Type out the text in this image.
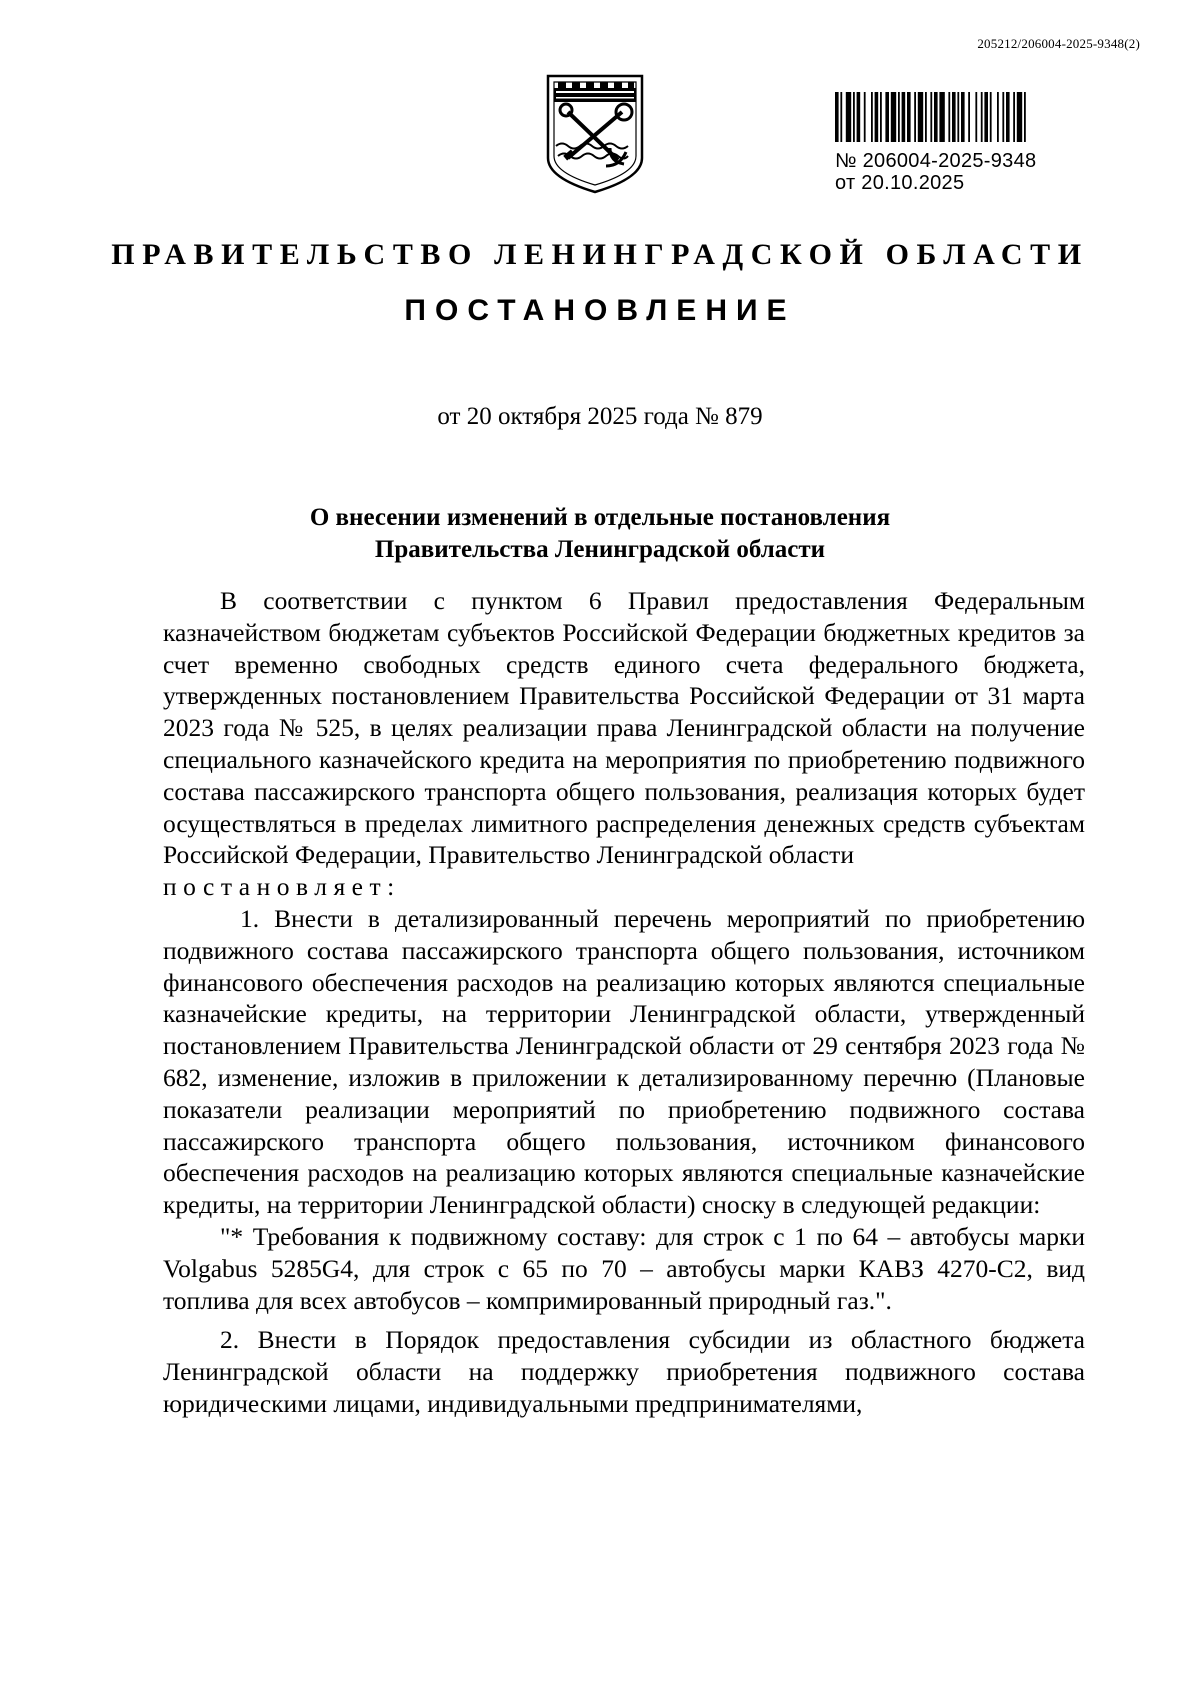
205212/206004-2025-9348(2)
№ 206004-2025-9348
от 20.10.2025
ПРАВИТЕЛЬСТВО ЛЕНИНГРАДСКОЙ ОБЛАСТИ
ПОСТАНОВЛЕНИЕ
от 20 октября 2025 года № 879
О внесении изменений в отдельные постановления
Правительства Ленинградской области

В соответствии с пунктом 6 Правил предоставления Федеральным казначейством бюджетам субъектов Российской Федерации бюджетных кредитов за счет временно свободных средств единого счета федерального бюджета, утвержденных постановлением Правительства Российской Федерации от 31 марта 2023 года № 525, в целях реализации права Ленинградской области на получение специального казначейского кредита на мероприятия по приобретению подвижного состава пассажирского транспорта общего пользования, реализация которых будет осуществляться в пределах лимитного распределения денежных средств субъектам Российской Федерации, Правительство Ленинградской области

постановляет:

1. Внести в детализированный перечень мероприятий по приобретению подвижного состава пассажирского транспорта общего пользования, источником финансового обеспечения расходов на реализацию которых являются специальные казначейские кредиты, на территории Ленинградской области, утвержденный постановлением Правительства Ленинградской области от 29 сентября 2023 года № 682, изменение, изложив в приложении к детализированному перечню (Плановые показатели реализации мероприятий по приобретению подвижного состава пассажирского транспорта общего пользования, источником финансового обеспечения расходов на реализацию которых являются специальные казначейские кредиты, на территории Ленинградской области) сноску в следующей редакции:

"* Требования к подвижному составу: для строк с 1 по 64 – автобусы марки Volgabus 5285G4, для строк с 65 по 70 – автобусы марки КАВЗ 4270-С2, вид топлива для всех автобусов – компримированный природный газ.".

2. Внести в Порядок предоставления субсидии из областного бюджета Ленинградской области на поддержку приобретения подвижного состава юридическими лицами, индивидуальными предпринимателями,
